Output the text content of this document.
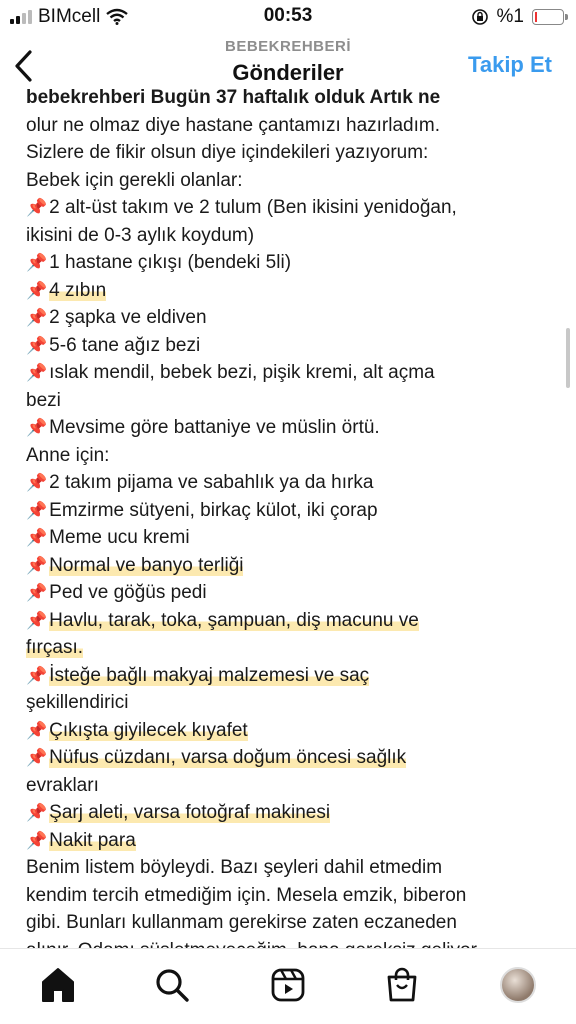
BIMcell	00:53	%1
BEBEKREHBERİ
Gönderiler	Takip Et
bebekrehberi Bugün 37 haftalık olduk Artık ne
olur ne olmaz diye hastane çantamızı hazırladım.
Sizlere de fikir olsun diye içindekileri yazıyorum:
Bebek için gerekli olanlar:
📌 2 alt-üst takım ve 2 tulum (Ben ikisini yenidoğan,
ikisini de 0-3 aylık koydum)
📌 1 hastane çıkışı (bendeki 5li)
📌 4 zıbın
📌 2 şapka ve eldiven
📌 5-6 tane ağız bezi
📌 ıslak mendil, bebek bezi, pişik kremi, alt açma
bezi
📌 Mevsime göre battaniye ve müslin örtü.
Anne için:
📌 2 takım pijama ve sabahlık ya da hırka
📌 Emzirme sütyeni, birkaç külot, iki çorap
📌 Meme ucu kremi
📌 Normal ve banyo terliği
📌 Ped ve göğüs pedi
📌 Havlu, tarak, toka, şampuan, diş macunu ve
fırçası.
📌 İsteğe bağlı makyaj malzemesi ve saç
şekillendirici
📌 Çıkışta giyilecek kıyafet
📌 Nüfus cüzdanı, varsa doğum öncesi sağlık
evrakları
📌 Şarj aleti, varsa fotoğraf makinesi
📌 Nakit para
Benim listem böyleydi. Bazı şeyleri dahil etmedim
kendim tercih etmediğim için. Mesela emzik, biberon
gibi. Bunları kullanmam gerekirse zaten eczaneden
